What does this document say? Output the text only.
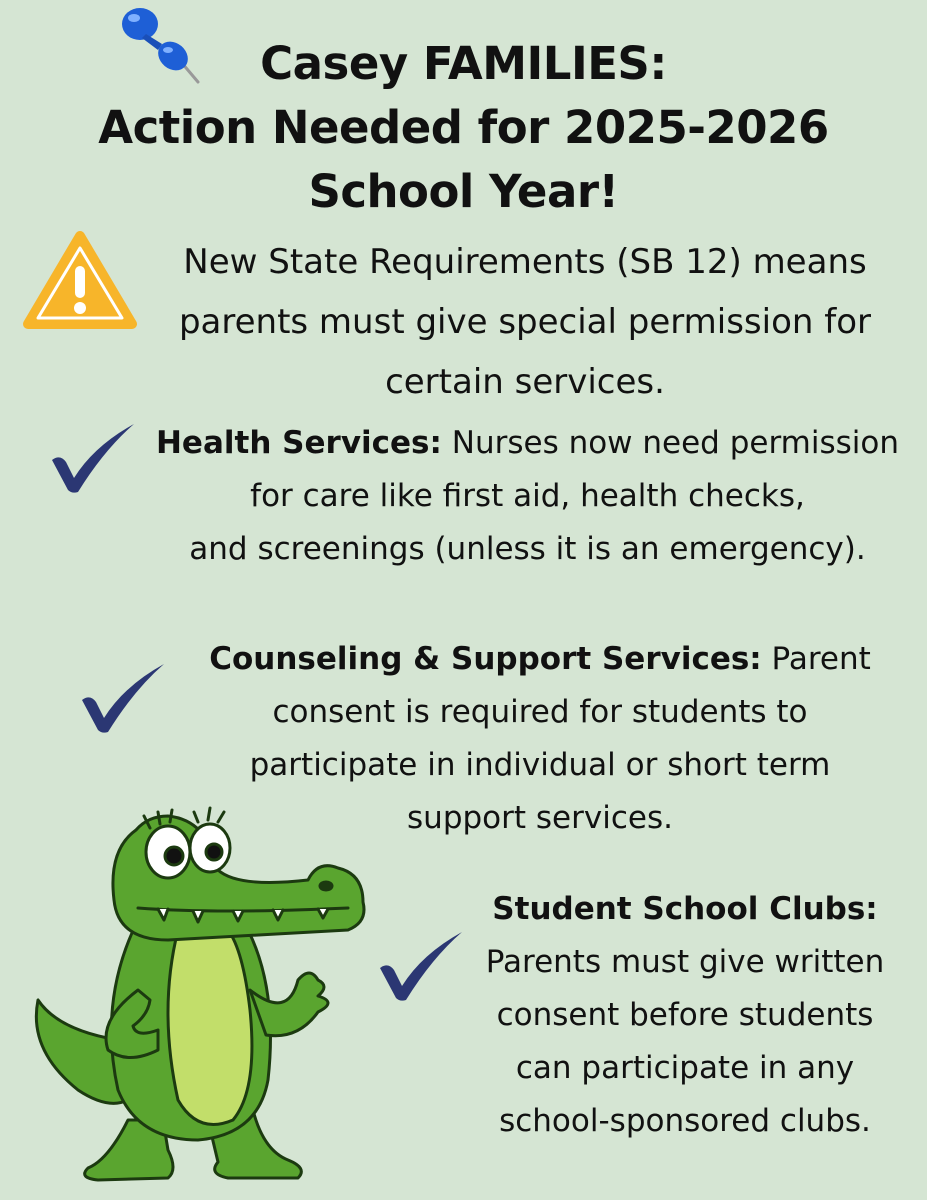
Casey FAMILIES:
Action Needed for 2025-2026
School Year!
New State Requirements (SB 12) means
parents must give special permission for
certain services.
Health Services: Nurses now need permission
for care like first aid, health checks,
and screenings (unless it is an emergency).
Counseling & Support Services: Parent
consent is required for students to
participate in individual or short term
support services.
Student School Clubs:
Parents must give written
consent before students
can participate in any
school-sponsored clubs.
